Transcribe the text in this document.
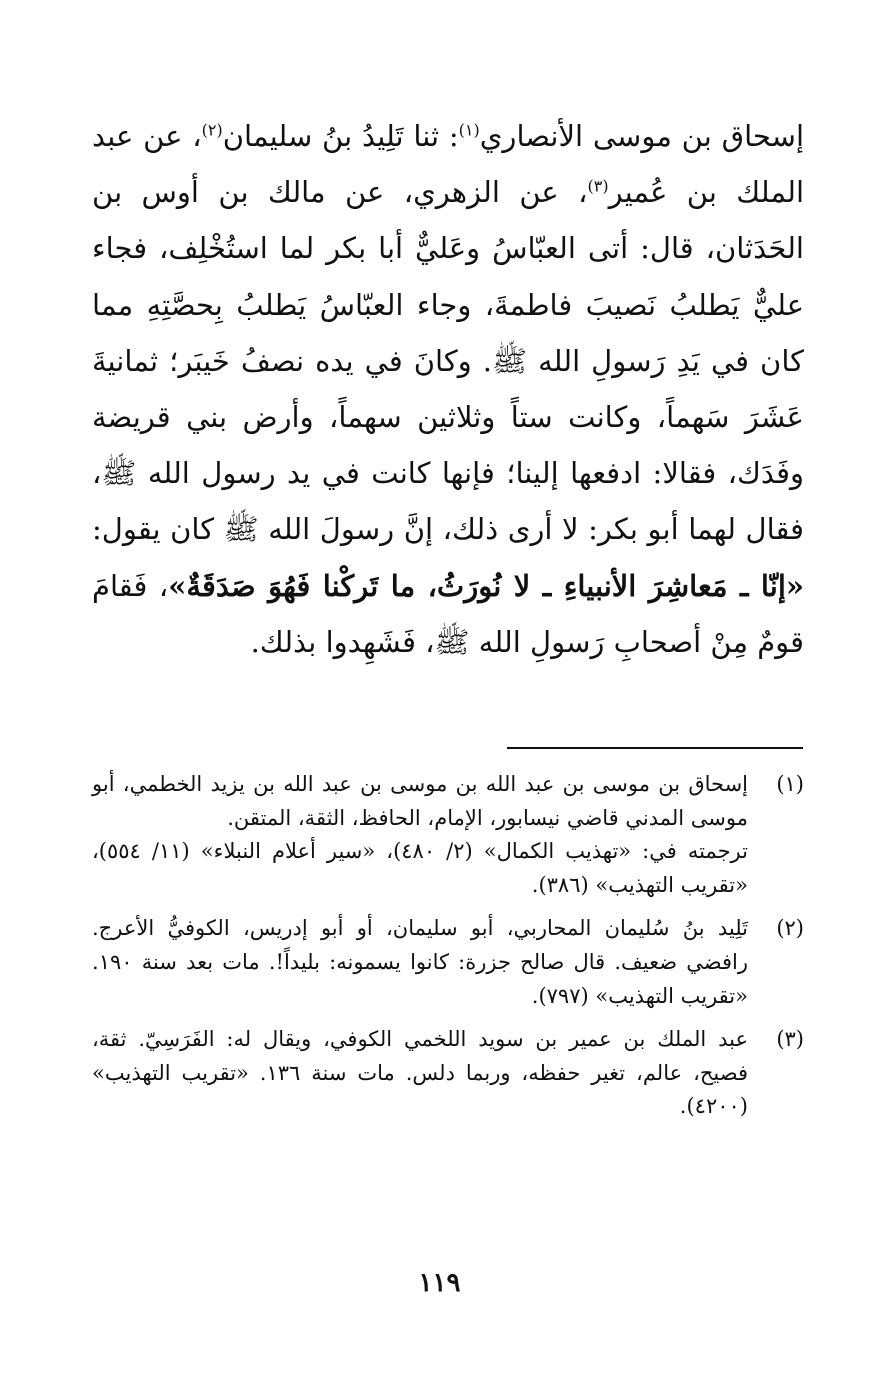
إسحاق بن موسى الأنصاري$^{(١)}$: ثنا تَلِيدُ بنُ سليمان$^{(٢)}$، عن عبد الملك بن عُمير$^{(٣)}$، عن الزهري، عن مالك بن أوس بن الحَدَثان، قال: أتى العبّاسُ وعَليٌّ أبا بكر لما استُخْلِف، فجاء عليٌّ يَطلبُ نَصيبَ فاطمةَ، وجاء العبّاسُ يَطلبُ بِحصَّتِهِ مما كان في يَدِ رَسولِ الله ﷺ. وكانَ في يده نصفُ خَيبَر؛ ثمانيةَ عَشَرَ سَهماً، وكانت ستاً وثلاثين سهماً، وأرض بني قريضة وفَدَك، فقالا: ادفعها إلينا؛ فإنها كانت في يد رسول الله ﷺ، فقال لهما أبو بكر: لا أرى ذلك، إنَّ رسولَ الله ﷺ كان يقول: «إنّا ـ مَعاشِرَ الأنبياءِ ـ لا نُورَثُ، ما تَركْنا فَهُوَ صَدَقَةٌ»، فَقامَ قومٌ مِنْ أصحابِ رَسولِ الله ﷺ، فَشَهِدوا بذلك.

(١)

إسحاق بن موسى بن عبد الله بن موسى بن عبد الله بن يزيد الخطمي، أبو موسى المدني قاضي نيسابور، الإمام، الحافظ، الثقة، المتقن.

ترجمته في: «تهذيب الكمال» (٢/ ٤٨٠)، «سير أعلام النبلاء» (١١/ ٥٥٤)، «تقريب التهذيب» (٣٨٦).

(٢)

تَلِيد بنُ سُليمان المحاربي، أبو سليمان، أو أبو إدريس، الكوفيُّ الأعرج. رافضي ضعيف. قال صالح جزرة: كانوا يسمونه: بليداً!. مات بعد سنة ١٩٠. «تقريب التهذيب» (٧٩٧).

(٣)

عبد الملك بن عمير بن سويد اللخمي الكوفي، ويقال له: الفَرَسِيّ. ثقة، فصيح، عالم، تغير حفظه، وربما دلس. مات سنة ١٣٦. «تقريب التهذيب» (٤٢٠٠).

١١٩
